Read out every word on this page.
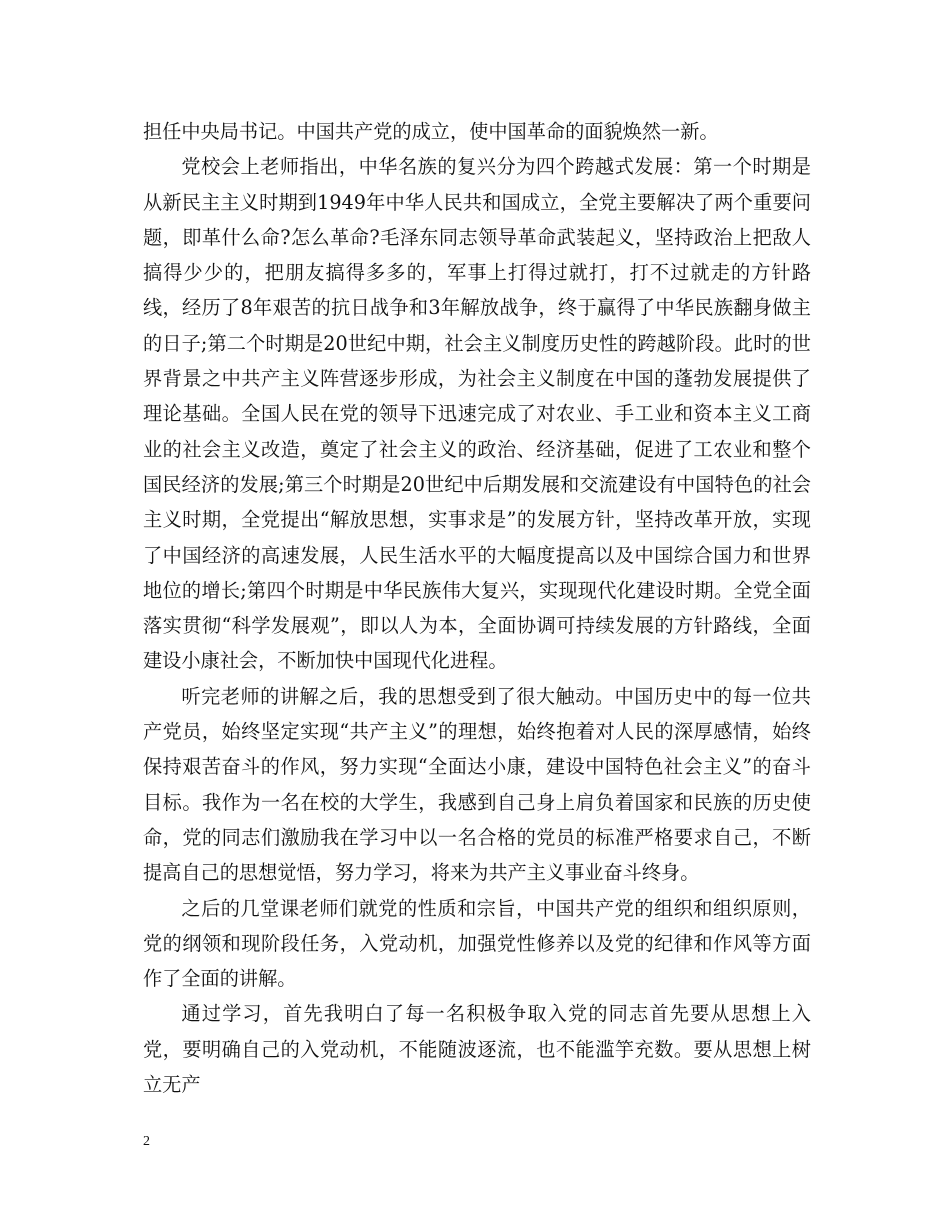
担任中央局书记。中国共产党的成立，使中国革命的面貌焕然一新。

党校会上老师指出，中华名族的复兴分为四个跨越式发展：第一个时期是从新民主主义时期到1949年中华人民共和国成立，全党主要解决了两个重要问题，即革什么命?怎么革命?毛泽东同志领导革命武装起义，坚持政治上把敌人搞得少少的，把朋友搞得多多的，军事上打得过就打，打不过就走的方针路线，经历了8年艰苦的抗日战争和3年解放战争，终于赢得了中华民族翻身做主的日子;第二个时期是20世纪中期，社会主义制度历史性的跨越阶段。此时的世界背景之中共产主义阵营逐步形成，为社会主义制度在中国的蓬勃发展提供了理论基础。全国人民在党的领导下迅速完成了对农业、手工业和资本主义工商业的社会主义改造，奠定了社会主义的政治、经济基础，促进了工农业和整个国民经济的发展;第三个时期是20世纪中后期发展和交流建设有中国特色的社会主义时期，全党提出“解放思想，实事求是”的发展方针，坚持改革开放，实现了中国经济的高速发展，人民生活水平的大幅度提高以及中国综合国力和世界地位的增长;第四个时期是中华民族伟大复兴，实现现代化建设时期。全党全面落实贯彻“科学发展观”，即以人为本，全面协调可持续发展的方针路线，全面建设小康社会，不断加快中国现代化进程。

听完老师的讲解之后，我的思想受到了很大触动。中国历史中的每一位共产党员，始终坚定实现“共产主义”的理想，始终抱着对人民的深厚感情，始终保持艰苦奋斗的作风，努力实现“全面达小康，建设中国特色社会主义”的奋斗目标。我作为一名在校的大学生，我感到自己身上肩负着国家和民族的历史使命，党的同志们激励我在学习中以一名合格的党员的标准严格要求自己，不断提高自己的思想觉悟，努力学习，将来为共产主义事业奋斗终身。

之后的几堂课老师们就党的性质和宗旨，中国共产党的组织和组织原则，党的纲领和现阶段任务，入党动机，加强党性修养以及党的纪律和作风等方面作了全面的讲解。

通过学习，首先我明白了每一名积极争取入党的同志首先要从思想上入党，要明确自己的入党动机，不能随波逐流，也不能滥竽充数。要从思想上树立无产

2
